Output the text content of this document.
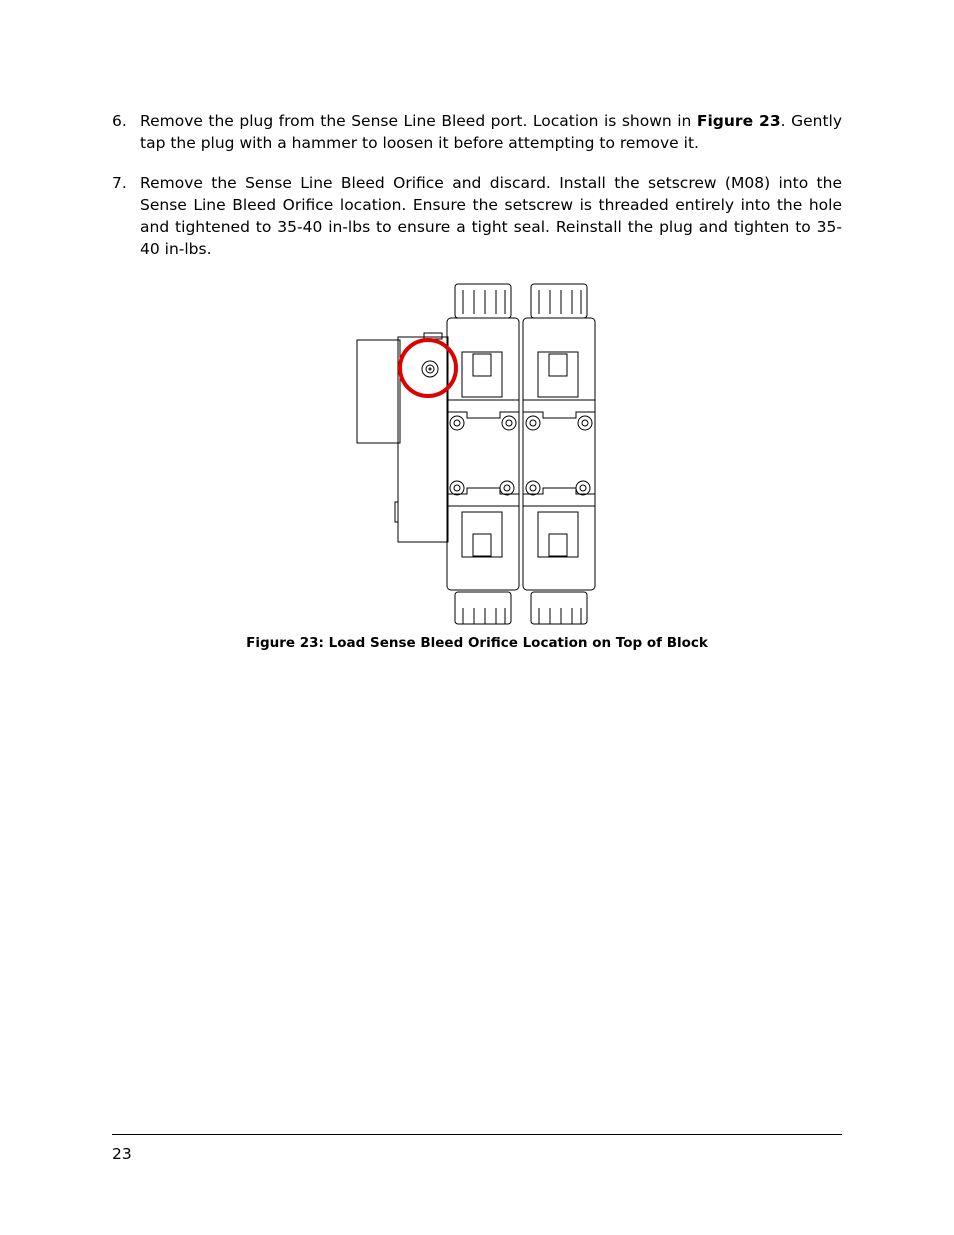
6. Remove the plug from the Sense Line Bleed port. Location is shown in Figure 23. Gently tap the plug with a hammer to loosen it before attempting to remove it.
7. Remove the Sense Line Bleed Orifice and discard. Install the setscrew (M08) into the Sense Line Bleed Orifice location. Ensure the setscrew is threaded entirely into the hole and tightened to 35-40 in-lbs to ensure a tight seal. Reinstall the plug and tighten to 35-40 in-lbs.
Figure 23: Load Sense Bleed Orifice Location on Top of Block
23
